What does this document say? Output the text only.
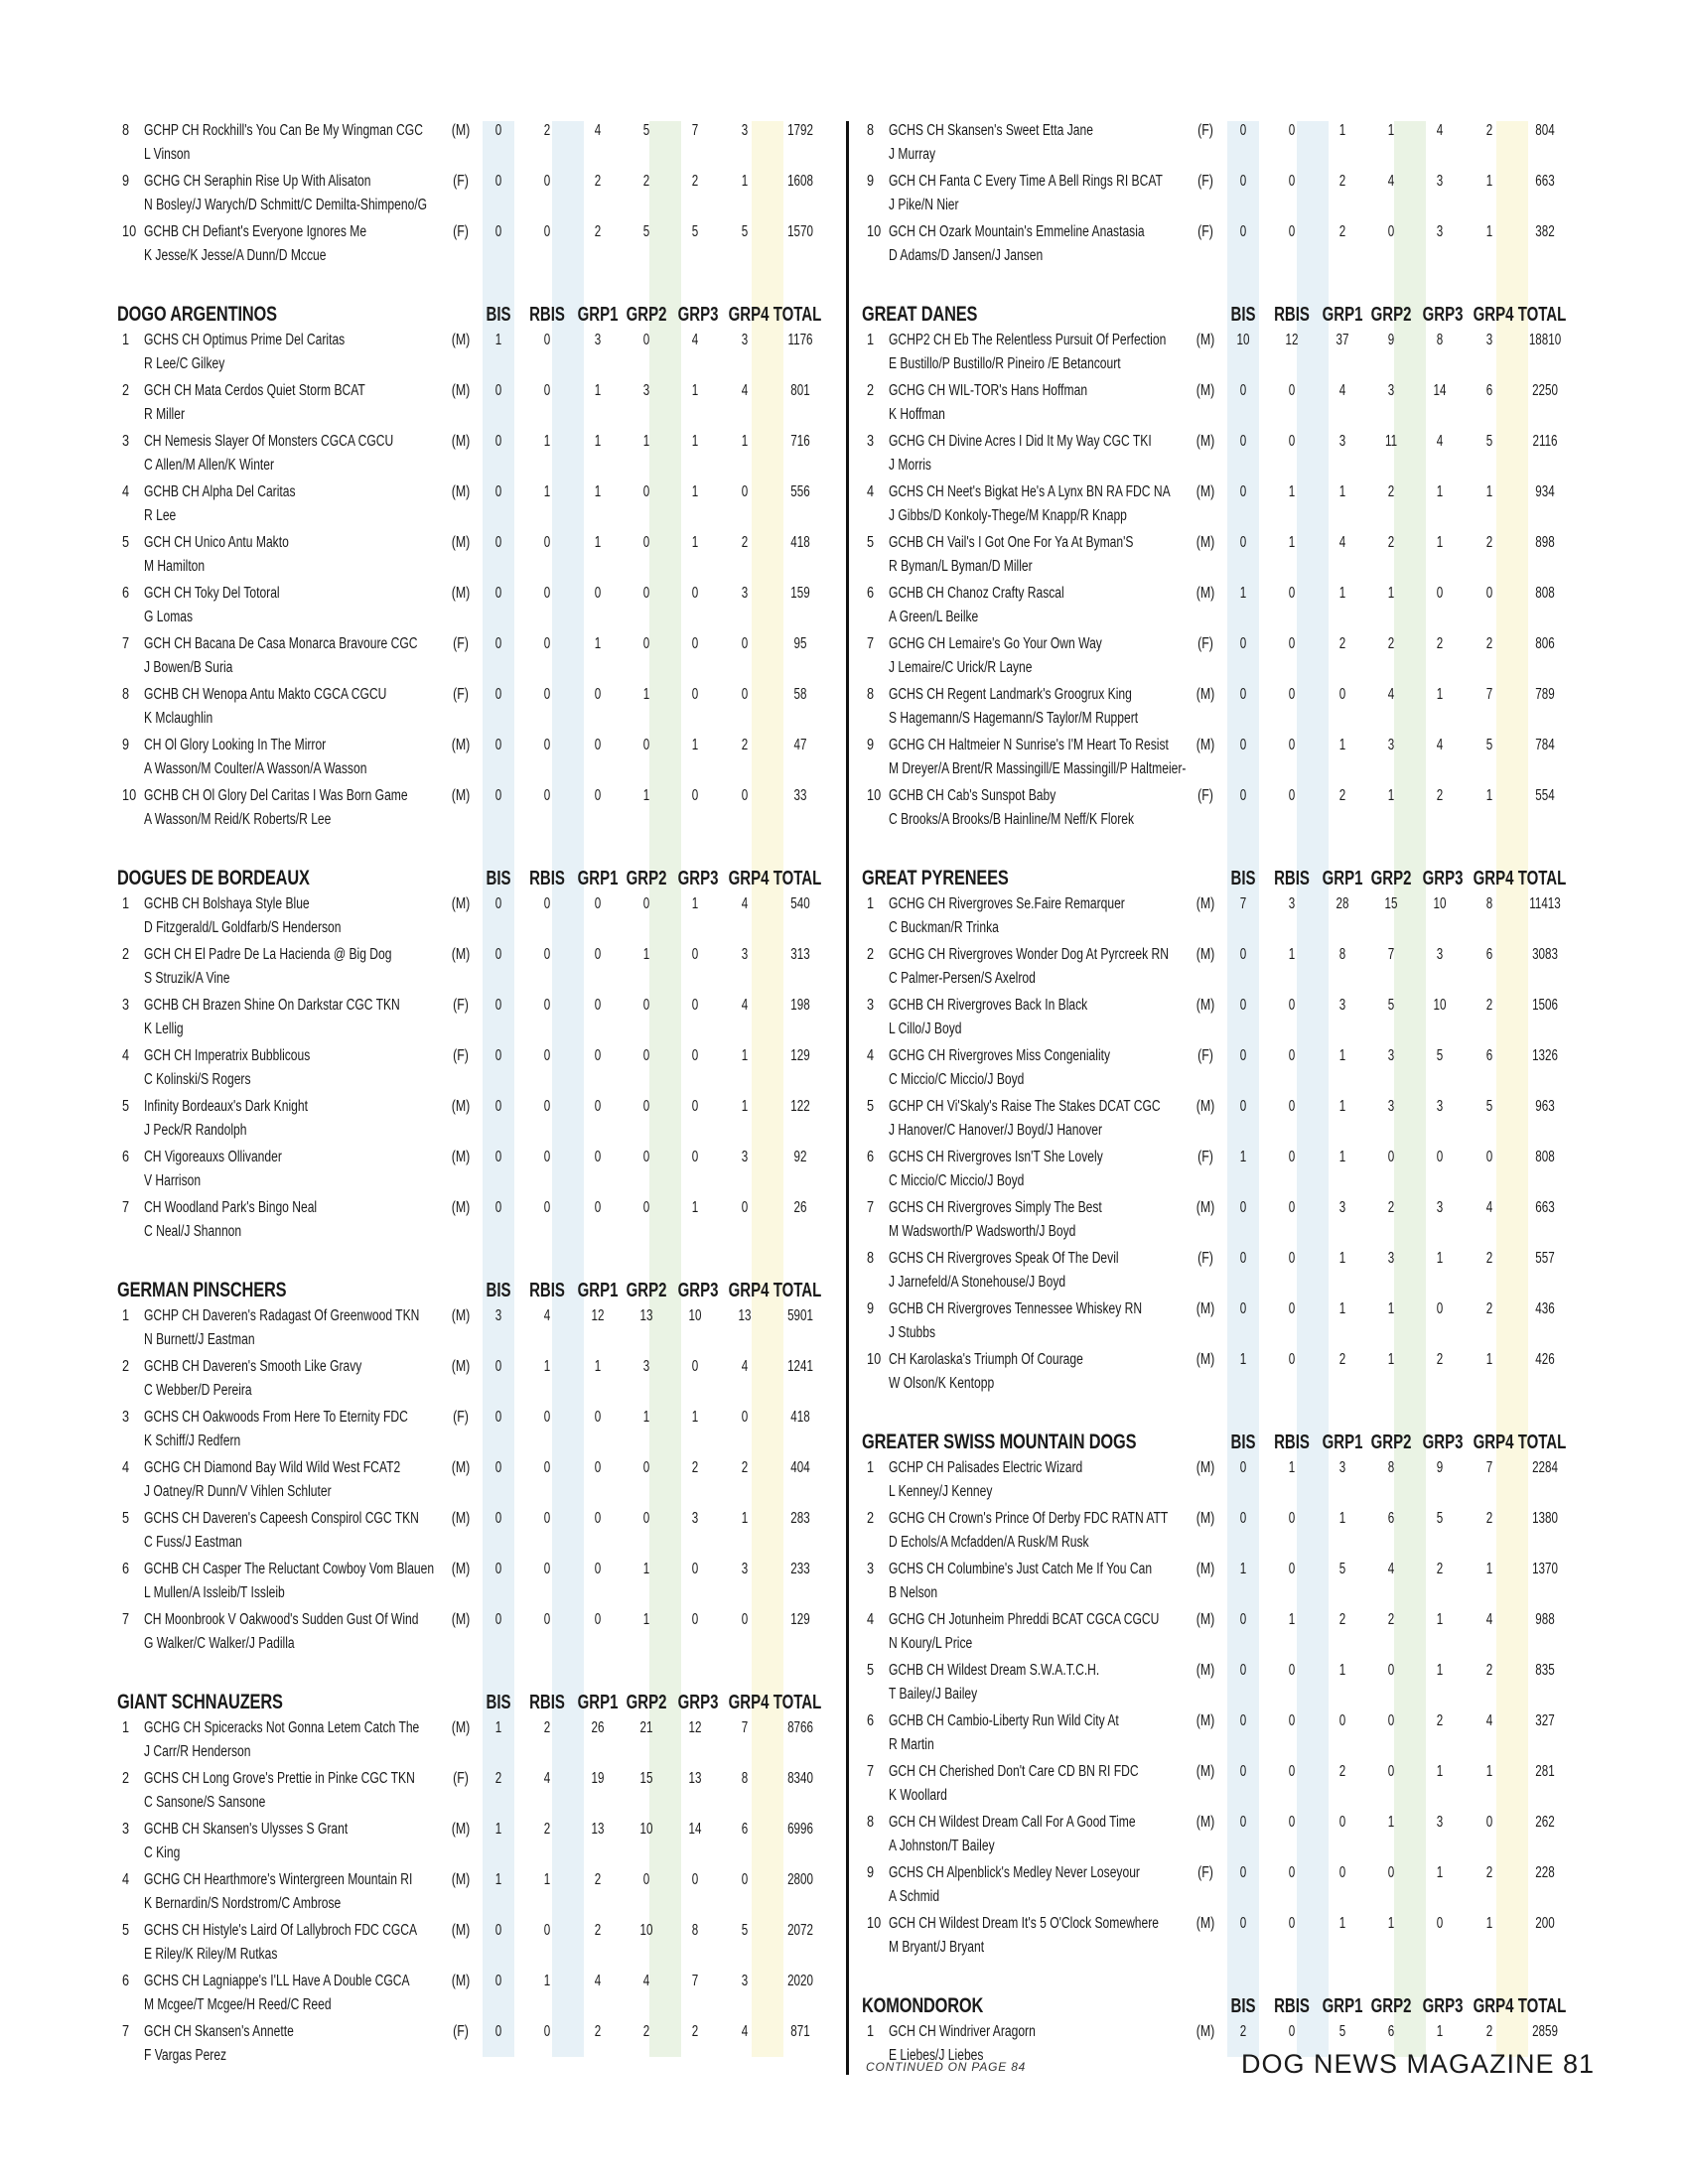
8 GCHP CH Rockhill's You Can Be My Wingman CGC
L Vinson
(M) 0	2	4	5	7	3	1792
9 GCHG CH Seraphin Rise Up With Alisaton
N Bosley/J Warych/D Schmitt/C Demilta-Shimpeno/G
(F) 0	0	2	2	2	1	1608
10 GCHB CH Defiant's Everyone Ignores Me
K Jesse/K Jesse/A Dunn/D Mccue
(F) 0	0	2	5	5	5	1570
DOGO ARGENTINOS	BIS RBIS GRP1 GRP2 GRP3 GRP4 TOTAL
1 GCHS CH Optimus Prime Del Caritas
R Lee/C Gilkey
(M) 1	0	3	0	4	3	1176
2 GCH CH Mata Cerdos Quiet Storm BCAT
R Miller
(M) 0	0	1	3	1	4	801
3 CH Nemesis Slayer Of Monsters CGCA CGCU
C Allen/M Allen/K Winter
(M) 0	1	1	1	1	1	716
4 GCHB CH Alpha Del Caritas
R Lee
(M) 0	1	1	0	1	0	556
5 GCH CH Unico Antu Makto
M Hamilton
(M) 0	0	1	0	1	2	418
6 GCH CH Toky Del Totoral
G Lomas
(M) 0	0	0	0	0	3	159
7 GCH CH Bacana De Casa Monarca Bravoure CGC
J Bowen/B Suria
(F) 0	0	1	0	0	0	95
8 GCHB CH Wenopa Antu Makto CGCA CGCU
K Mclaughlin
(F) 0	0	0	1	0	0	58
9 CH Ol Glory Looking In The Mirror
A Wasson/M Coulter/A Wasson/A Wasson
(M) 0	0	0	0	1	2	47
10 GCHB CH Ol Glory Del Caritas I Was Born Game
A Wasson/M Reid/K Roberts/R Lee
(M) 0	0	0	1	0	0	33
DOGUES DE BORDEAUX	BIS RBIS GRP1 GRP2 GRP3 GRP4 TOTAL
1 GCHB CH Bolshaya Style Blue
D Fitzgerald/L Goldfarb/S Henderson
(M) 0	0	0	0	1	4	540
2 GCH CH El Padre De La Hacienda @ Big Dog
S Struzik/A Vine
(M) 0	0	0	1	0	3	313
3 GCHB CH Brazen Shine On Darkstar CGC TKN
K Lellig
(F) 0	0	0	0	0	4	198
4 GCH CH Imperatrix Bubblicous
C Kolinski/S Rogers
(F) 0	0	0	0	0	1	129
5 Infinity Bordeaux's Dark Knight
J Peck/R Randolph
(M) 0	0	0	0	0	1	122
6 CH Vigoreauxs Ollivander
V Harrison
(M) 0	0	0	0	0	3	92
7 CH Woodland Park's Bingo Neal
C Neal/J Shannon
(M) 0	0	0	0	1	0	26
GERMAN PINSCHERS	BIS RBIS GRP1 GRP2 GRP3 GRP4 TOTAL
1 GCHP CH Daveren's Radagast Of Greenwood TKN
N Burnett/J Eastman
(M) 3	4	12 13 10 13 5901
2 GCHB CH Daveren's Smooth Like Gravy
C Webber/D Pereira
(M) 0	1	1	3	0	4	1241
3 GCHS CH Oakwoods From Here To Eternity FDC
K Schiff/J Redfern
(F) 0	0	0	1	1	0	418
4 GCHG CH Diamond Bay Wild Wild West FCAT2
J Oatney/R Dunn/V Vihlen Schluter
(M) 0	0	0	0	2	2	404
5 GCHS CH Daveren's Capeesh Conspirol CGC TKN
C Fuss/J Eastman
(M) 0	0	0	0	3	1	283
6 GCHB CH Casper The Reluctant Cowboy Vom Blauen
L Mullen/A Issleib/T Issleib
(M) 0	0	0	1	0	3	233
7 CH Moonbrook V Oakwood's Sudden Gust Of Wind
G Walker/C Walker/J Padilla
(M) 0	0	0	1	0	0	129
GIANT SCHNAUZERS	BIS RBIS GRP1 GRP2 GRP3 GRP4 TOTAL
1 GCHG CH Spiceracks Not Gonna Letem Catch The
J Carr/R Henderson
(M) 1	2	26 21 12	7	8766
2 GCHS CH Long Grove's Prettie in Pinke CGC TKN
C Sansone/S Sansone
(F) 2	4	19 15 13	8	8340
3 GCHB CH Skansen's Ulysses S Grant
C King
(M) 1	2	13 10 14	6	6996
4 GCHG CH Hearthmore's Wintergreen Mountain RI
K Bernardin/S Nordstrom/C Ambrose
(M) 1	1	2	0	0	0	2800
5 GCHS CH Histyle's Laird Of Lallybroch FDC CGCA
E Riley/K Riley/M Rutkas
(M) 0	0	2	10	8	5	2072
6 GCHS CH Lagniappe's I'LL Have A Double CGCA
M Mcgee/T Mcgee/H Reed/C Reed
(M) 0	1	4	4	7	3	2020
7 GCH CH Skansen's Annette
F Vargas Perez
(F) 0	0	2	2	2	4	871
8 GCHS CH Skansen's Sweet Etta Jane
J Murray
(F) 0	0	1	1	4	2	804
9 GCH CH Fanta C Every Time A Bell Rings RI BCAT
J Pike/N Nier
(F) 0	0	2	4	3	1	663
10 GCH CH Ozark Mountain's Emmeline Anastasia
D Adams/D Jansen/J Jansen
(F) 0	0	2	0	3	1	382
GREAT DANES	BIS RBIS GRP1 GRP2 GRP3 GRP4 TOTAL
1 GCHP2 CH Eb The Relentless Pursuit Of Perfection
E Bustillo/P Bustillo/R Pineiro /E Betancourt
(M) 10 12 37	9	8	3 18810
2 GCHG CH WIL-TOR's Hans Hoffman
K Hoffman
(M) 0	0	4	3	14	6	2250
3 GCHG CH Divine Acres I Did It My Way CGC TKI
J Morris
(M) 0	0	3	11	4	5	2116
4 GCHS CH Neet's Bigkat He's A Lynx BN RA FDC NA
J Gibbs/D Konkoly-Thege/M Knapp/R Knapp
(M) 0	1	1	2	1	1	934
5 GCHB CH Vail's I Got One For Ya At Byman'S
R Byman/L Byman/D Miller
(M) 0	1	4	2	1	2	898
6 GCHB CH Chanoz Crafty Rascal
A Green/L Beilke
(M) 1	0	1	1	0	0	808
7 GCHG CH Lemaire's Go Your Own Way
J Lemaire/C Urick/R Layne
(F) 0	0	2	2	2	2	806
8 GCHS CH Regent Landmark's Groogrux King
S Hagemann/S Hagemann/S Taylor/M Ruppert
(M) 0	0	0	4	1	7	789
9 GCHG CH Haltmeier N Sunrise's I'M Heart To Resist
M Dreyer/A Brent/R Massingill/E Massingill/P Haltmeier-
(M) 0	0	1	3	4	5	784
10 GCHB CH Cab's Sunspot Baby
C Brooks/A Brooks/B Hainline/M Neff/K Florek
(F) 0	0	2	1	2	1	554
GREAT PYRENEES	BIS RBIS GRP1 GRP2 GRP3 GRP4 TOTAL
1 GCHG CH Rivergroves Se.Faire Remarquer
C Buckman/R Trinka
(M) 7	3	28 15 10	8 11413
2 GCHG CH Rivergroves Wonder Dog At Pyrcreek RN
C Palmer-Persen/S Axelrod
(M) 0	1	8	7	3	6	3083
3 GCHB CH Rivergroves Back In Black
L Cillo/J Boyd
(M) 0	0	3	5	10	2	1506
4 GCHG CH Rivergroves Miss Congeniality
C Miccio/C Miccio/J Boyd
(F) 0	0	1	3	5	6	1326
5 GCHP CH Vi'Skaly's Raise The Stakes DCAT CGC
J Hanover/C Hanover/J Boyd/J Hanover
(M) 0	0	1	3	3	5	963
6 GCHS CH Rivergroves Isn'T She Lovely
C Miccio/C Miccio/J Boyd
(F) 1	0	1	0	0	0	808
7 GCHS CH Rivergroves Simply The Best
M Wadsworth/P Wadsworth/J Boyd
(M) 0	0	3	2	3	4	663
8 GCHS CH Rivergroves Speak Of The Devil
J Jarnefeld/A Stonehouse/J Boyd
(F) 0	0	1	3	1	2	557
9 GCHB CH Rivergroves Tennessee Whiskey RN
J Stubbs
(M) 0	0	1	1	0	2	436
10 CH Karolaska's Triumph Of Courage
W Olson/K Kentopp
(M) 1	0	2	1	2	1	426
GREATER SWISS MOUNTAIN DOGS	BIS RBIS GRP1 GRP2 GRP3 GRP4 TOTAL
1 GCHP CH Palisades Electric Wizard
L Kenney/J Kenney
(M) 0	1	3	8	9	7	2284
2 GCHG CH Crown's Prince Of Derby FDC RATN ATT
D Echols/A Mcfadden/A Rusk/M Rusk
(M) 0	0	1	6	5	2	1380
3 GCHS CH Columbine's Just Catch Me If You Can
B Nelson
(M) 1	0	5	4	2	1	1370
4 GCHG CH Jotunheim Phreddi BCAT CGCA CGCU
N Koury/L Price
(M) 0	1	2	2	1	4	988
5 GCHB CH Wildest Dream S.W.A.T.C.H.
T Bailey/J Bailey
(M) 0	0	1	0	1	2	835
6 GCHB CH Cambio-Liberty Run Wild City At
R Martin
(M) 0	0	0	0	2	4	327
7 GCH CH Cherished Don't Care CD BN RI FDC
K Woollard
(M) 0	0	2	0	1	1	281
8 GCH CH Wildest Dream Call For A Good Time
A Johnston/T Bailey
(M) 0	0	0	1	3	0	262
9 GCHS CH Alpenblick's Medley Never Loseyour
A Schmid
(F) 0	0	0	0	1	2	228
10 GCH CH Wildest Dream It's 5 O'Clock Somewhere
M Bryant/J Bryant
(M) 0	0	1	1	0	1	200
KOMONDOROK	BIS RBIS GRP1 GRP2 GRP3 GRP4 TOTAL
1 GCH CH Windriver Aragorn
E Liebes/J Liebes
(M) 2	0	5	6	1	2	2859
CONTINUED ON PAGE 84	DOG NEWS MAGAZINE 81
